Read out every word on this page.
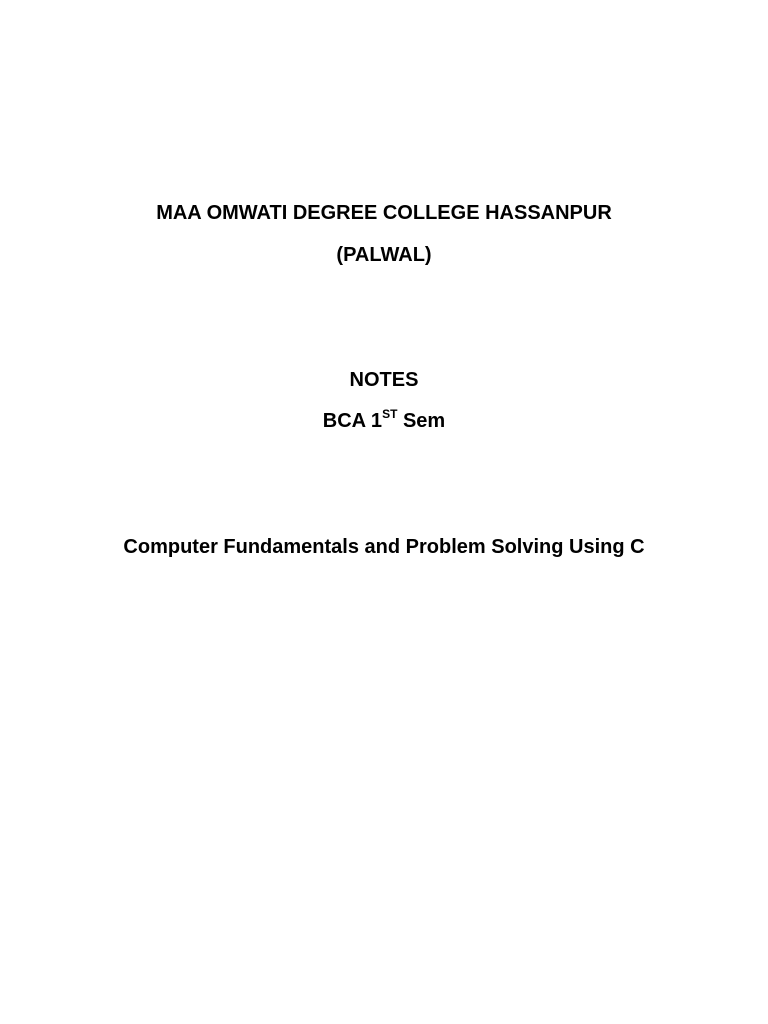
MAA OMWATI DEGREE COLLEGE HASSANPUR
(PALWAL)
NOTES
BCA 1ST Sem
Computer Fundamentals and Problem Solving Using C
